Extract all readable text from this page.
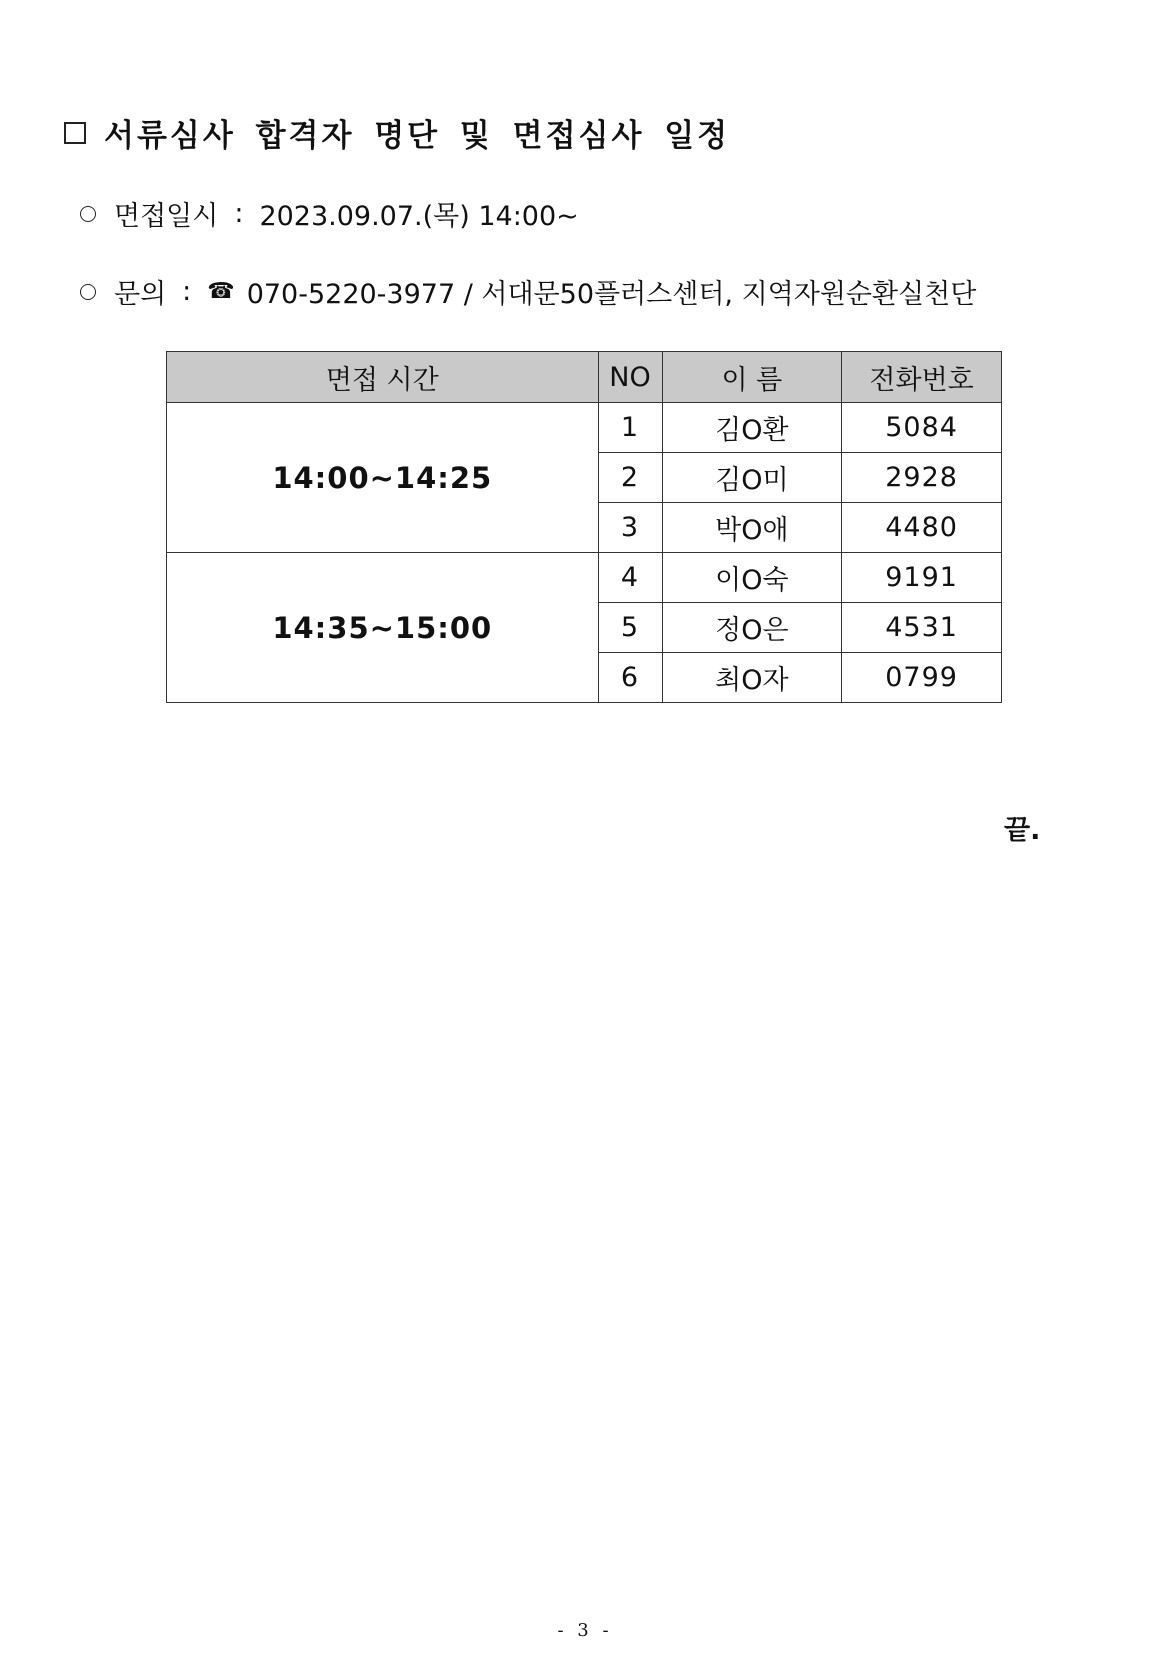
서류심사 합격자 명단 및 면접심사 일정
면접일시 : 2023.09.07.(목) 14:00~
문의 : ☎ 070-5220-3977 / 서대문50플러스센터, 지역자원순환실천단
면접 시간	NO	이 름	전화번호
14:00~14:25	1	김O환	5084
	2	김O미	2928
	3	박O애	4480
14:35~15:00	4	이O숙	9191
	5	정O은	4531
	6	최O자	0799
끝.
- 3 -
